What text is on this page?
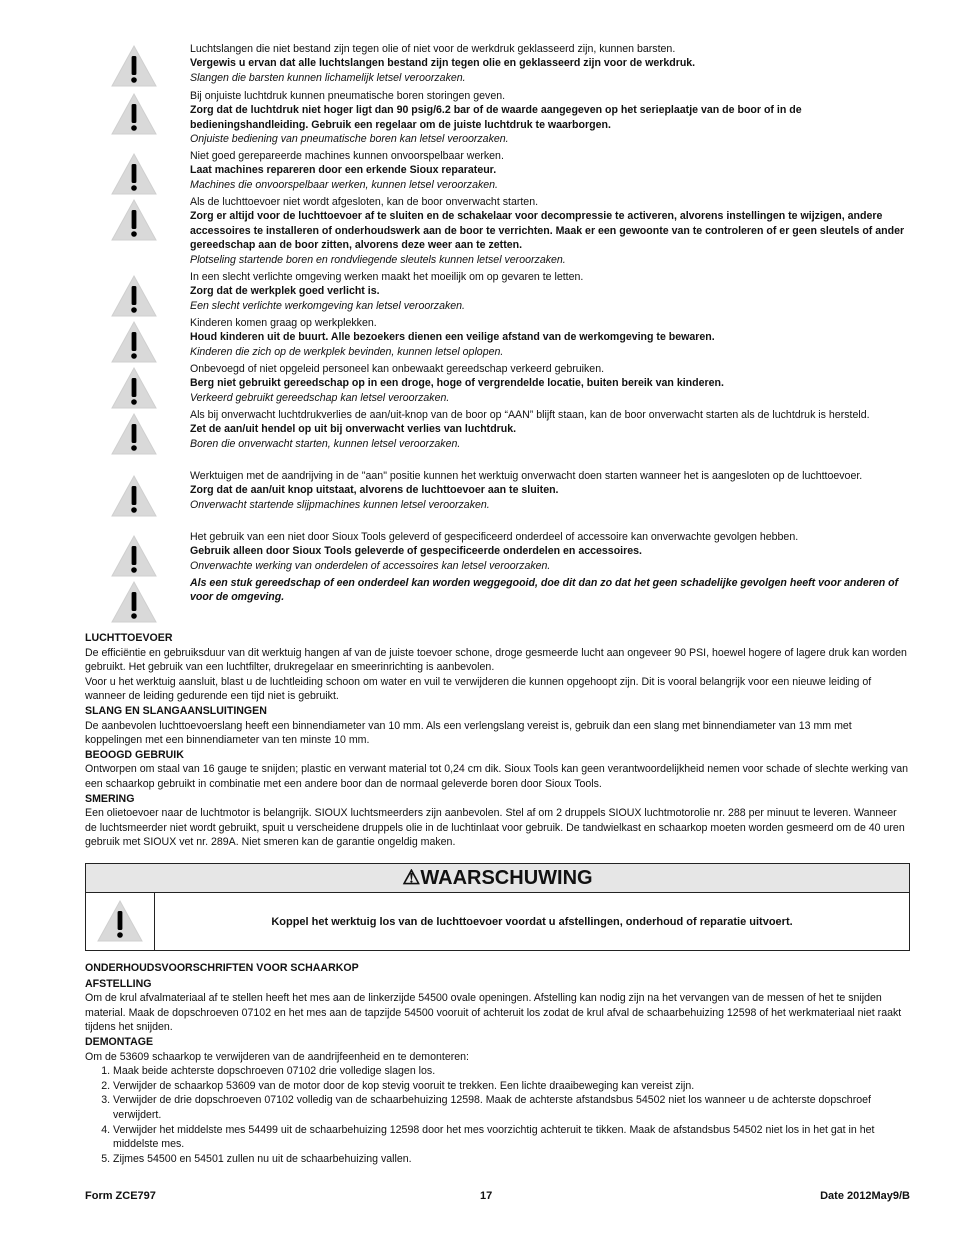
Luchtslangen die niet bestand zijn tegen olie of niet voor de werkdruk geklasseerd zijn, kunnen barsten.

Vergewis u ervan dat alle luchtslangen bestand zijn tegen olie en geklasseerd zijn voor de werkdruk.

Slangen die barsten kunnen lichamelijk letsel veroorzaken.

Bij onjuiste luchtdruk kunnen pneumatische boren storingen geven.

Zorg dat de luchtdruk niet hoger ligt dan 90 psig/6.2 bar of de waarde aangegeven op het serieplaatje van de boor of in de bedieningshandleiding. Gebruik een regelaar om de juiste luchtdruk te waarborgen.

Onjuiste bediening van pneumatische boren kan letsel veroorzaken.

Niet goed gerepareerde machines kunnen onvoorspelbaar werken.

Laat machines repareren door een erkende Sioux reparateur.

Machines die onvoorspelbaar werken, kunnen letsel veroorzaken.

Als de luchttoevoer niet wordt afgesloten, kan de boor onverwacht starten.

Zorg er altijd voor de luchttoevoer af te sluiten en de schakelaar voor decompressie te activeren, alvorens instellingen te wijzigen, andere accessoires te installeren of onderhoudswerk aan de boor te verrichten. Maak er een gewoonte van te controleren of er geen sleutels of ander gereedschap aan de boor zitten, alvorens deze weer aan te zetten.

Plotseling startende boren en rondvliegende sleutels kunnen letsel veroorzaken.

In een slecht verlichte omgeving werken maakt het moeilijk om op gevaren te letten.

Zorg dat de werkplek goed verlicht is.

Een slecht verlichte werkomgeving kan letsel veroorzaken.

Kinderen komen graag op werkplekken.

Houd kinderen uit de buurt. Alle bezoekers dienen een veilige afstand van de werkomgeving te bewaren.

Kinderen die zich op de werkplek bevinden, kunnen letsel oplopen.

Onbevoegd of niet opgeleid personeel kan onbewaakt gereedschap verkeerd gebruiken.

Berg niet gebruikt gereedschap op in een droge, hoge of vergrendelde locatie, buiten bereik van kinderen.

Verkeerd gebruikt gereedschap kan letsel veroorzaken.

Als bij onverwacht luchtdrukverlies de aan/uit-knop van de boor op “AAN” blijft staan, kan de boor onverwacht starten als de luchtdruk is hersteld.

Zet de aan/uit hendel op uit bij onverwacht verlies van luchtdruk.

Boren die onverwacht starten, kunnen letsel veroorzaken.

Werktuigen met de aandrijving in de "aan" positie kunnen het werktuig onverwacht doen starten wanneer het is aangesloten op de luchttoevoer.

Zorg dat de aan/uit knop uitstaat, alvorens de luchttoevoer aan te sluiten.

Onverwacht startende slijpmachines kunnen letsel veroorzaken.

Het gebruik van een niet door Sioux Tools geleverd of gespecificeerd onderdeel of accessoire kan onverwachte gevolgen hebben.

Gebruik alleen door Sioux Tools geleverde of gespecificeerde onderdelen en accessoires.

Onverwachte werking van onderdelen of accessoires kan letsel veroorzaken.

Als een stuk gereedschap of een onderdeel kan worden weggegooid, doe dit dan zo dat het geen schadelijke gevolgen heeft voor anderen of voor de omgeving.

LUCHTTOEVOER

De efficiëntie en gebruiksduur van dit werktuig hangen af van de juiste toevoer schone, droge gesmeerde lucht aan ongeveer 90 PSI, hoewel hogere of lagere druk kan worden gebruikt. Het gebruik van een luchtfilter, drukregelaar en smeerinrichting is aanbevolen.

Voor u het werktuig aansluit, blast u de luchtleiding schoon om water en vuil te verwijderen die kunnen opgehoopt zijn. Dit is vooral belangrijk voor een nieuwe leiding of wanneer de leiding gedurende een tijd niet is gebruikt.

SLANG EN SLANGAANSLUITINGEN

De aanbevolen luchttoevoerslang heeft een binnendiameter van 10 mm. Als een verlengslang vereist is, gebruik dan een slang met binnendiameter van 13 mm met koppelingen met een binnendiameter van ten minste 10 mm.

BEOOGD GEBRUIK

Ontworpen om staal van 16 gauge te snijden; plastic en verwant material tot 0,24 cm dik. Sioux Tools kan geen verantwoordelijkheid nemen voor schade of slechte werking van een schaarkop gebruikt in combinatie met een andere boor dan de normaal geleverde boren door Sioux Tools.

SMERING

Een olietoevoer naar de luchtmotor is belangrijk. SIOUX luchtsmeerders zijn aanbevolen. Stel af om 2 druppels SIOUX luchtmotorolie nr. 288 per minuut te leveren. Wanneer de luchtsmeerder niet wordt gebruikt, spuit u verscheidene druppels olie in de luchtinlaat voor gebruik. De tandwielkast en schaarkop moeten worden gesmeerd om de 40 uren gebruik met SIOUX vet nr. 289A. Niet smeren kan de garantie ongeldig maken.

⚠WAARSCHUWING
Koppel het werktuig los van de luchttoevoer voordat u afstellingen, onderhoud of reparatie uitvoert.

ONDERHOUDSVOORSCHRIFTEN VOOR SCHAARKOP

AFSTELLING

Om de krul afvalmateriaal af te stellen heeft het mes aan de linkerzijde 54500 ovale openingen. Afstelling kan nodig zijn na het vervangen van de messen of het te snijden material. Maak de dopschroeven 07102 en het mes aan de tapzijde 54500 vooruit of achteruit los zodat de krul afval de schaarbehuizing 12598 of het werkmateriaal niet raakt tijdens het snijden.

DEMONTAGE

Om de 53609 schaarkop te verwijderen van de aandrijfeenheid en te demonteren:

1. Maak beide achterste dopschroeven 07102 drie volledige slagen los.
2. Verwijder de schaarkop 53609 van de motor door de kop stevig vooruit te trekken. Een lichte draaibeweging kan vereist zijn.
3. Verwijder de drie dopschroeven 07102 volledig van de schaarbehuizing 12598. Maak de achterste afstandsbus 54502 niet los wanneer u de achterste dopschroef verwijdert.
4. Verwijder het middelste mes 54499 uit de schaarbehuizing 12598 door het mes voorzichtig achteruit te tikken. Maak de afstandsbus 54502 niet los in het gat in het middelste mes.
5. Zijmes 54500 en 54501 zullen nu uit de schaarbehuizing vallen.
Form ZCE797	17	Date 2012May9/B
